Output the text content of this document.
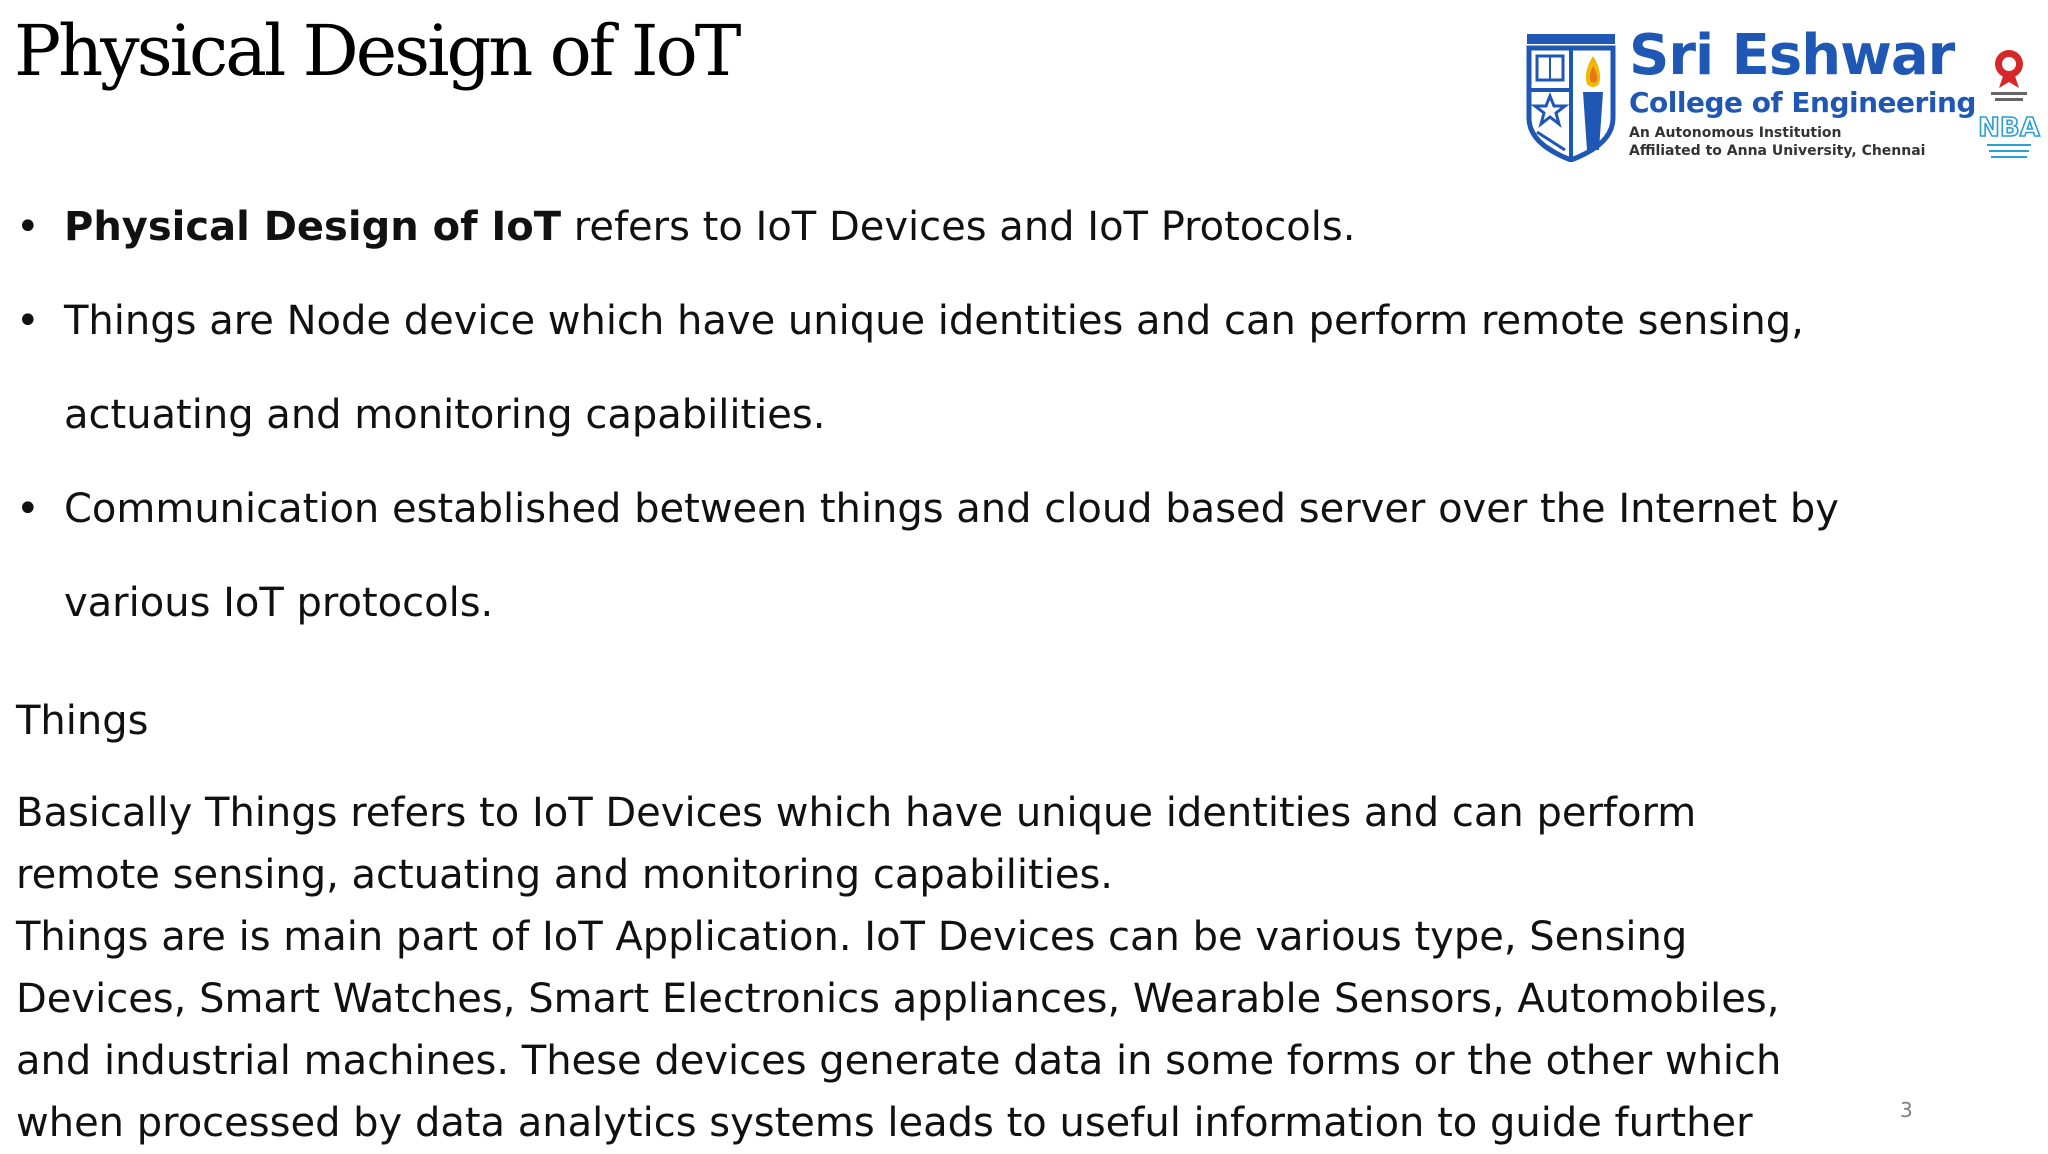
Physical Design of IoT	Sri Eshwar
College of Engineering
An Autonomous Institution
Affiliated to Anna University, Chennai
NBA
• Physical Design of IoT refers to IoT Devices and IoT Protocols.
• Things are Node device which have unique identities and can perform remote sensing,
actuating and monitoring capabilities.
• Communication established between things and cloud based server over the Internet by
various IoT protocols.
Things
Basically Things refers to IoT Devices which have unique identities and can perform
remote sensing, actuating and monitoring capabilities.
Things are is main part of IoT Application. IoT Devices can be various type, Sensing
Devices, Smart Watches, Smart Electronics appliances, Wearable Sensors, Automobiles,
and industrial machines. These devices generate data in some forms or the other which
when processed by data analytics systems leads to useful information to guide further	3
